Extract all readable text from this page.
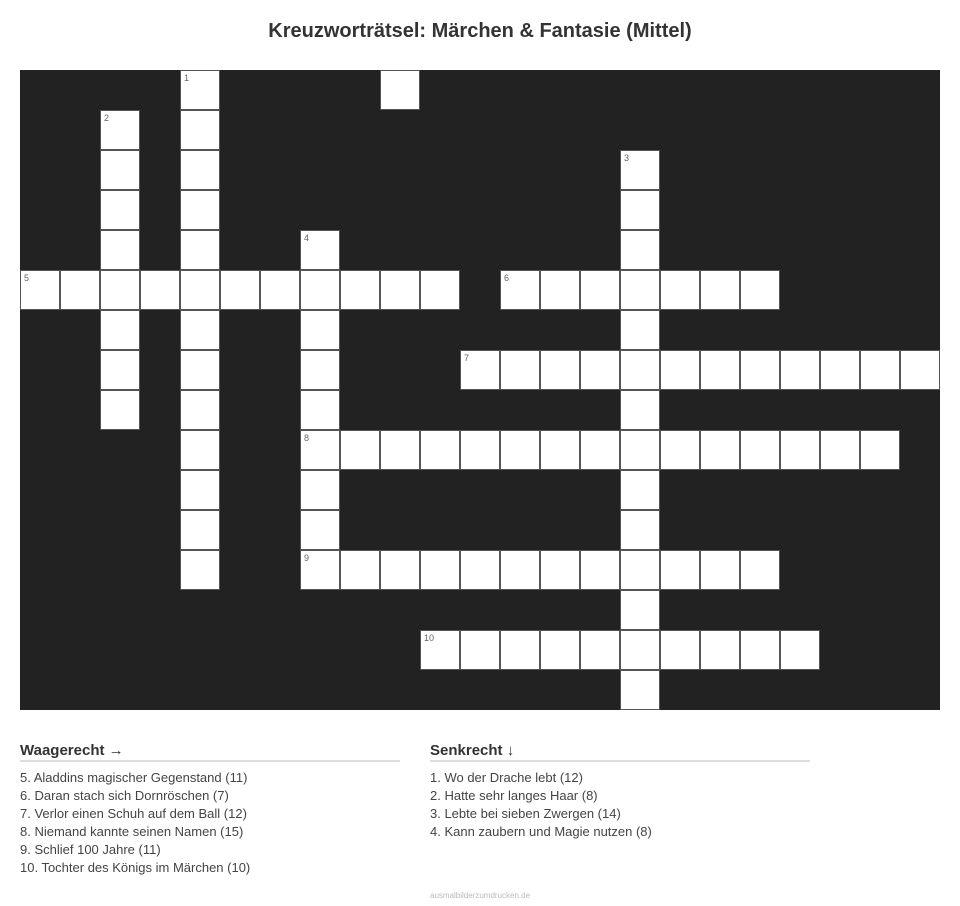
Kreuzworträtsel: Märchen & Fantasie (Mittel)
1
2
3
4
5	6
7
8
9
10
Waagerecht →
5. Aladdins magischer Gegenstand (11)
6. Daran stach sich Dornröschen (7)
7. Verlor einen Schuh auf dem Ball (12)
8. Niemand kannte seinen Namen (15)
9. Schlief 100 Jahre (11)
10. Tochter des Königs im Märchen (10)
Senkrecht ↓
1. Wo der Drache lebt (12)
2. Hatte sehr langes Haar (8)
3. Lebte bei sieben Zwergen (14)
4. Kann zaubern und Magie nutzen (8)
ausmalbilderzumdrucken.de
